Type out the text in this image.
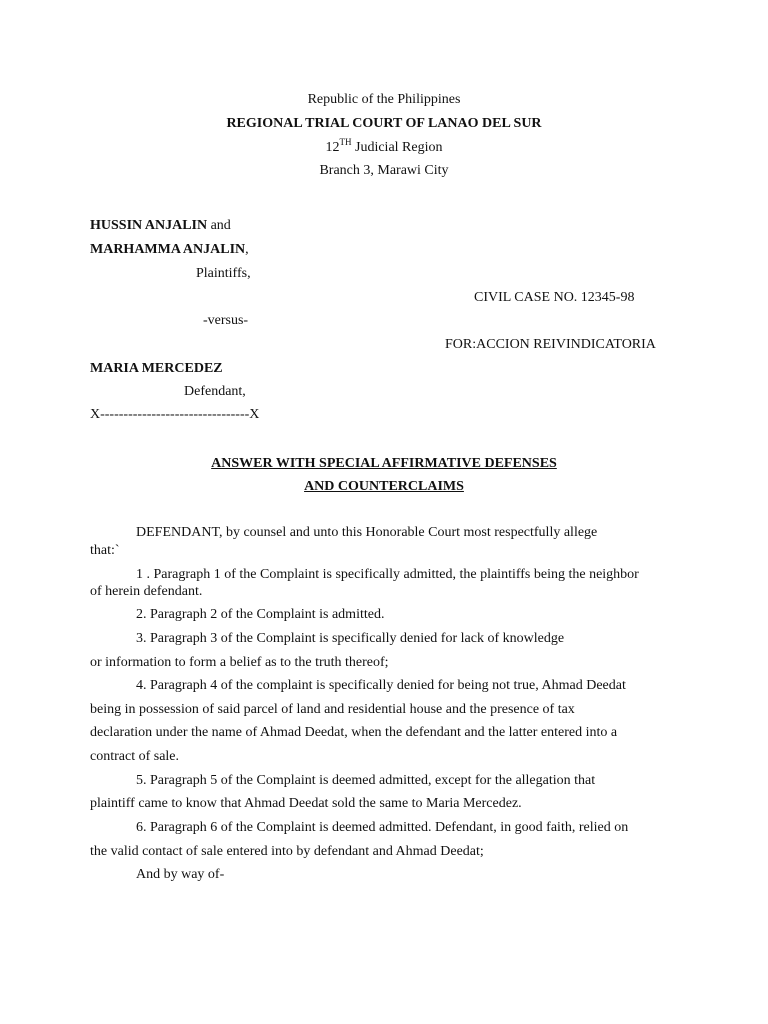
Republic of the Philippines
REGIONAL TRIAL COURT OF LANAO DEL SUR
12TH Judicial Region
Branch 3, Marawi City
HUSSIN ANJALIN and
MARHAMMA ANJALIN,
Plaintiffs,
CIVIL CASE NO. 12345-98
-versus-
FOR:ACCION REIVINDICATORIA
MARIA MERCEDEZ
Defendant,
X--------------------------------X
ANSWER WITH SPECIAL AFFIRMATIVE DEFENSES
AND COUNTERCLAIMS
DEFENDANT, by counsel and unto this Honorable Court most respectfully allege
that:`
1 . Paragraph 1 of the Complaint is specifically admitted, the plaintiffs being the neighbor
of herein defendant.
2. Paragraph 2 of the Complaint is admitted.
3. Paragraph 3 of the Complaint is specifically denied for lack of knowledge
or information to form a belief as to the truth thereof;
4. Paragraph 4 of the complaint is specifically denied for being not true, Ahmad Deedat
being in possession of said parcel of land and residential house and the presence of tax
declaration under the name of Ahmad Deedat, when the defendant and the latter entered into a
contract of sale.
5. Paragraph 5 of the Complaint is deemed admitted, except for the allegation that
plaintiff came to know that Ahmad Deedat sold the same to Maria Mercedez.
6. Paragraph 6 of the Complaint is deemed admitted. Defendant, in good faith, relied on
the valid contact of sale entered into by defendant and Ahmad Deedat;
And by way of-
